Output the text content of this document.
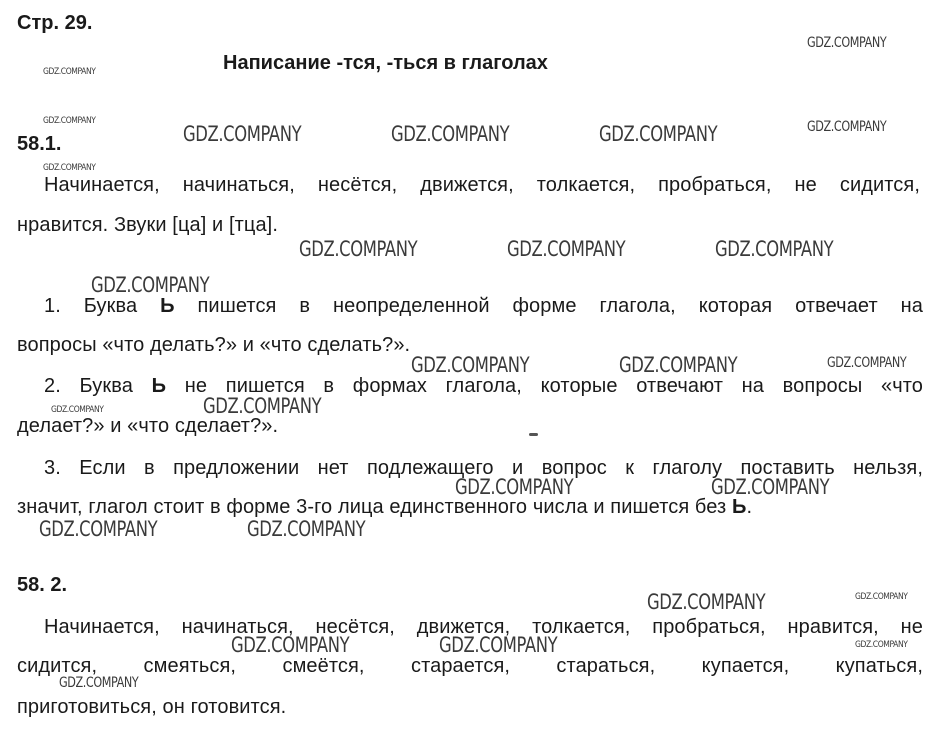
Стр. 29.
Написание -тся, -ться в глаголах
58.1.
Начинается, начинаться, несётся, движется, толкается, пробраться, не сидится,
нравится. Звуки [ца] и [тца].
1. Буква Ь пишется в неопределенной форме глагола, которая отвечает на
вопросы «что делать?» и «что сделать?».
2. Буква Ь не пишется в формах глагола, которые отвечают на вопросы «что
делает?» и «что сделает?».
3. Если в предложении нет подлежащего и вопрос к глаголу поставить нельзя,
значит, глагол стоит в форме 3-го лица единственного числа и пишется без Ь.
58. 2.
Начинается, начинаться, несётся, движется, толкается, пробраться, нравится, не
сидится, смеяться, смеётся, старается, стараться, купается, купаться,
приготовиться, он готовится.
GDZ.COMPANY
GDZ.COMPANY
GDZ.COMPANY
GDZ.COMPANY	GDZ.COMPANY	GDZ.COMPANY	GDZ.COMPANY
GDZ.COMPANY
GDZ.COMPANY	GDZ.COMPANY	GDZ.COMPANY
GDZ.COMPANY
GDZ.COMPANY	GDZ.COMPANY	GDZ.COMPANY
GDZ.COMPANY	GDZ.COMPANY
GDZ.COMPANY	GDZ.COMPANY
GDZ.COMPANY	GDZ.COMPANY
GDZ.COMPANY	GDZ.COMPANY
GDZ.COMPANY	GDZ.COMPANY	GDZ.COMPANY
GDZ.COMPANY
